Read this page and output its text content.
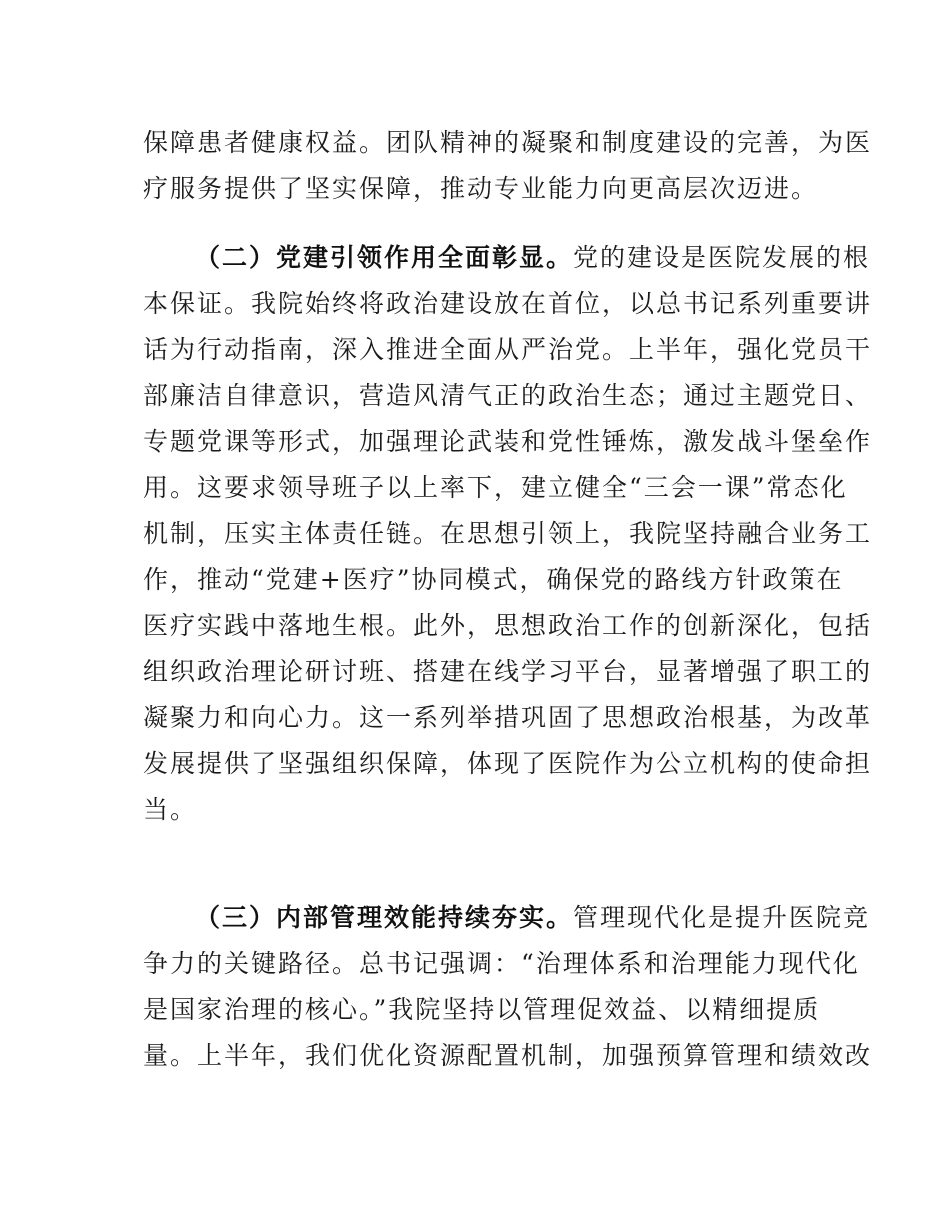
保障患者健康权益。团队精神的凝聚和制度建设的完善，为医
疗服务提供了坚实保障，推动专业能力向更高层次迈进。
（二）党建引领作用全面彰显。党的建设是医院发展的根
本保证。我院始终将政治建设放在首位，以总书记系列重要讲
话为行动指南，深入推进全面从严治党。上半年，强化党员干
部廉洁自律意识，营造风清气正的政治生态；通过主题党日、
专题党课等形式，加强理论武装和党性锤炼，激发战斗堡垒作
用。这要求领导班子以上率下，建立健全“三会一课”常态化
机制，压实主体责任链。在思想引领上，我院坚持融合业务工
作，推动“党建+医疗”协同模式，确保党的路线方针政策在
医疗实践中落地生根。此外，思想政治工作的创新深化，包括
组织政治理论研讨班、搭建在线学习平台，显著增强了职工的
凝聚力和向心力。这一系列举措巩固了思想政治根基，为改革
发展提供了坚强组织保障，体现了医院作为公立机构的使命担
当。
（三）内部管理效能持续夯实。管理现代化是提升医院竞
争力的关键路径。总书记强调：“治理体系和治理能力现代化
是国家治理的核心。”我院坚持以管理促效益、以精细提质
量。上半年，我们优化资源配置机制，加强预算管理和绩效改
